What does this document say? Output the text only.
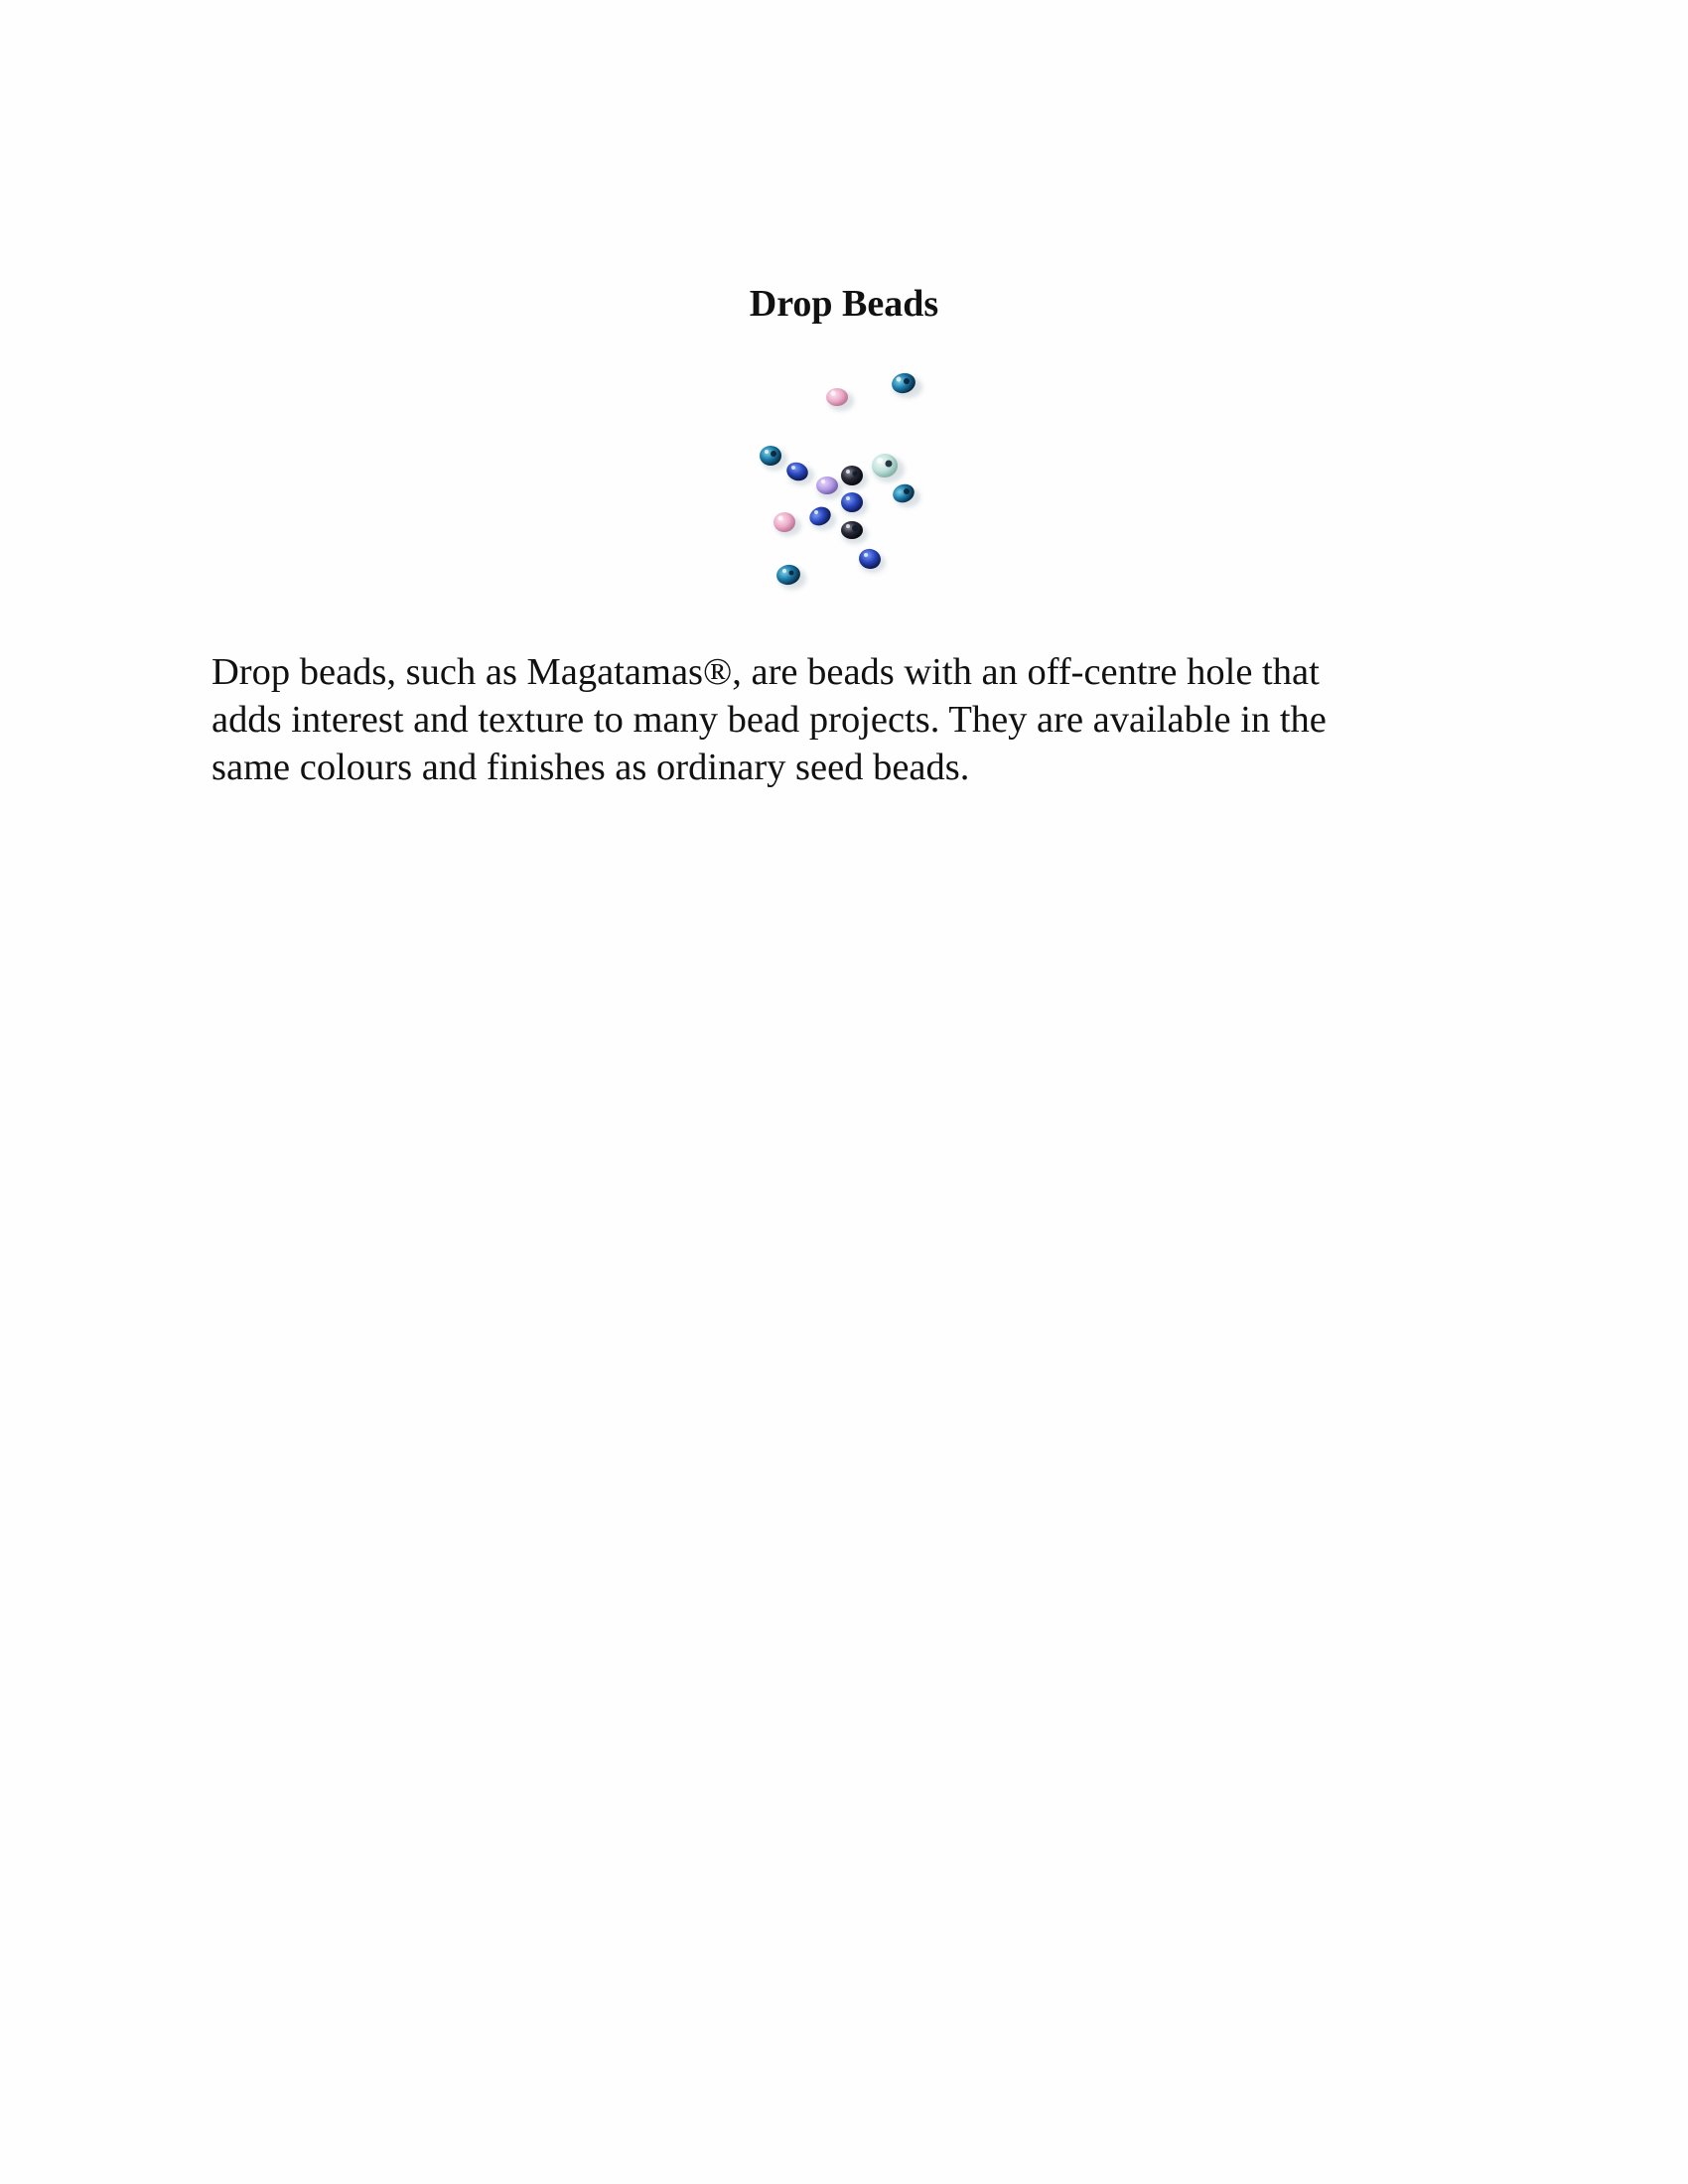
Drop Beads

Drop beads, such as Magatamas®, are beads with an off-centre hole that
adds interest and texture to many bead projects. They are available in the
same colours and finishes as ordinary seed beads.
